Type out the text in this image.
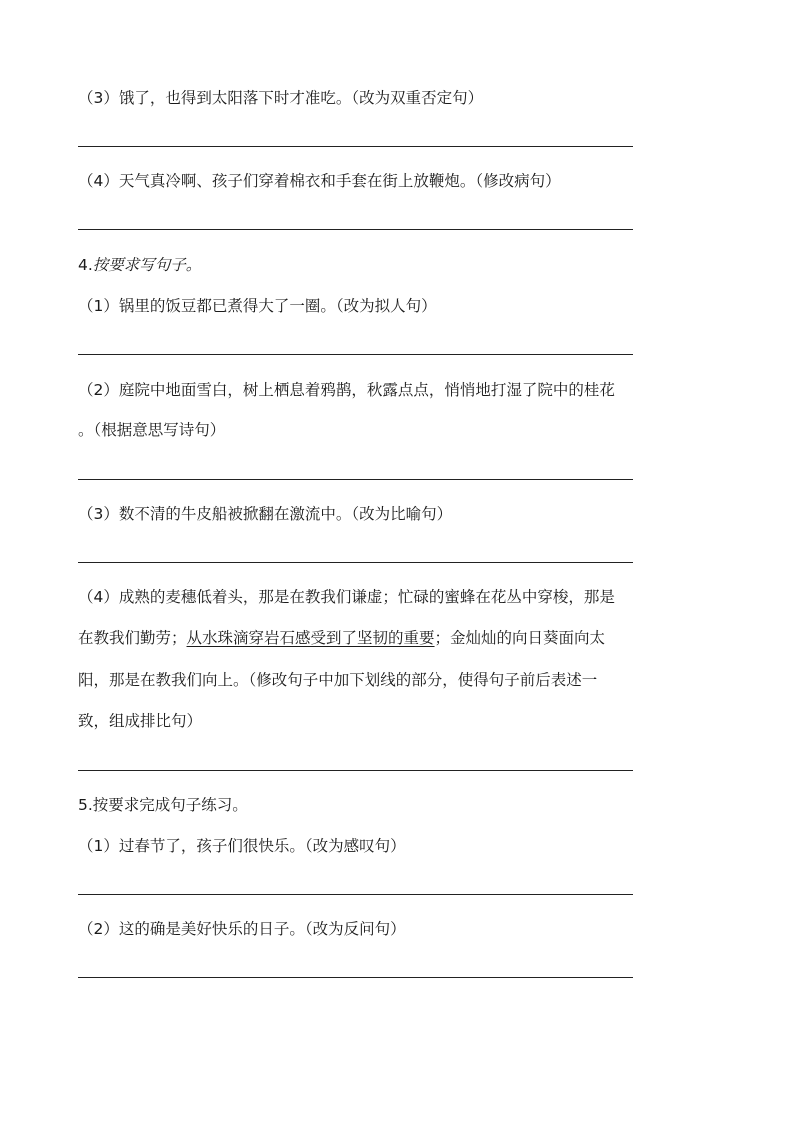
（3）饿了，也得到太阳落下时才准吃。（改为双重否定句）
（4）天气真冷啊、孩子们穿着棉衣和手套在街上放鞭炮。（修改病句）
4.按要求写句子。
（1）锅里的饭豆都已煮得大了一圈。（改为拟人句）
（2）庭院中地面雪白，树上栖息着鸦鹊，秋露点点，悄悄地打湿了院中的桂花
。（根据意思写诗句）
（3）数不清的牛皮船被掀翻在激流中。（改为比喻句）
（4）成熟的麦穗低着头，那是在教我们谦虚；忙碌的蜜蜂在花丛中穿梭，那是
在教我们勤劳；从水珠滴穿岩石感受到了坚韧的重要；金灿灿的向日葵面向太
阳，那是在教我们向上。（修改句子中加下划线的部分，使得句子前后表述一
致，组成排比句）
5.按要求完成句子练习。
（1）过春节了，孩子们很快乐。（改为感叹句）
（2）这的确是美好快乐的日子。（改为反问句）
